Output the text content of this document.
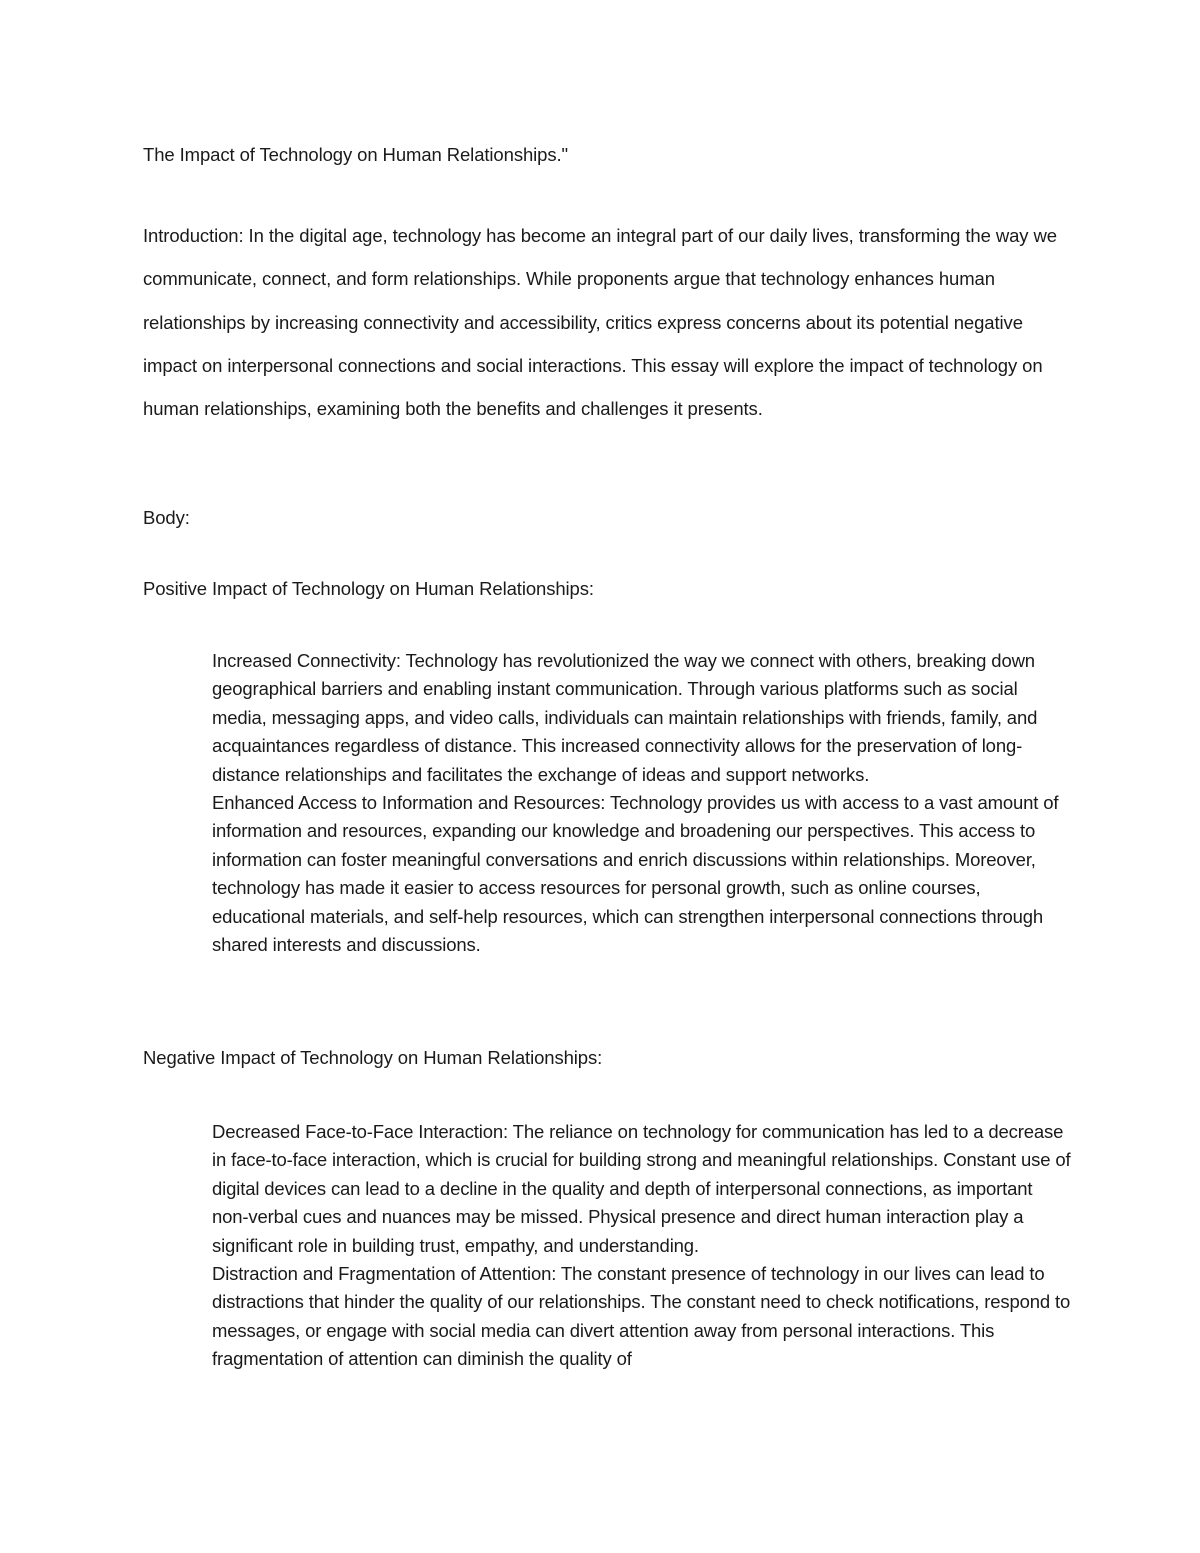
The Impact of Technology on Human Relationships."

Introduction: In the digital age, technology has become an integral part of our daily lives, transforming the way we communicate, connect, and form relationships. While proponents argue that technology enhances human relationships by increasing connectivity and accessibility, critics express concerns about its potential negative impact on interpersonal connections and social interactions. This essay will explore the impact of technology on human relationships, examining both the benefits and challenges it presents.

Body:

Positive Impact of Technology on Human Relationships:

Increased Connectivity: Technology has revolutionized the way we connect with others, breaking down geographical barriers and enabling instant communication. Through various platforms such as social media, messaging apps, and video calls, individuals can maintain relationships with friends, family, and acquaintances regardless of distance. This increased connectivity allows for the preservation of long-distance relationships and facilitates the exchange of ideas and support networks.
Enhanced Access to Information and Resources: Technology provides us with access to a vast amount of information and resources, expanding our knowledge and broadening our perspectives. This access to information can foster meaningful conversations and enrich discussions within relationships. Moreover, technology has made it easier to access resources for personal growth, such as online courses, educational materials, and self-help resources, which can strengthen interpersonal connections through shared interests and discussions.

Negative Impact of Technology on Human Relationships:

Decreased Face-to-Face Interaction: The reliance on technology for communication has led to a decrease in face-to-face interaction, which is crucial for building strong and meaningful relationships. Constant use of digital devices can lead to a decline in the quality and depth of interpersonal connections, as important non-verbal cues and nuances may be missed. Physical presence and direct human interaction play a significant role in building trust, empathy, and understanding.
Distraction and Fragmentation of Attention: The constant presence of technology in our lives can lead to distractions that hinder the quality of our relationships. The constant need to check notifications, respond to messages, or engage with social media can divert attention away from personal interactions. This fragmentation of attention can diminish the quality of
